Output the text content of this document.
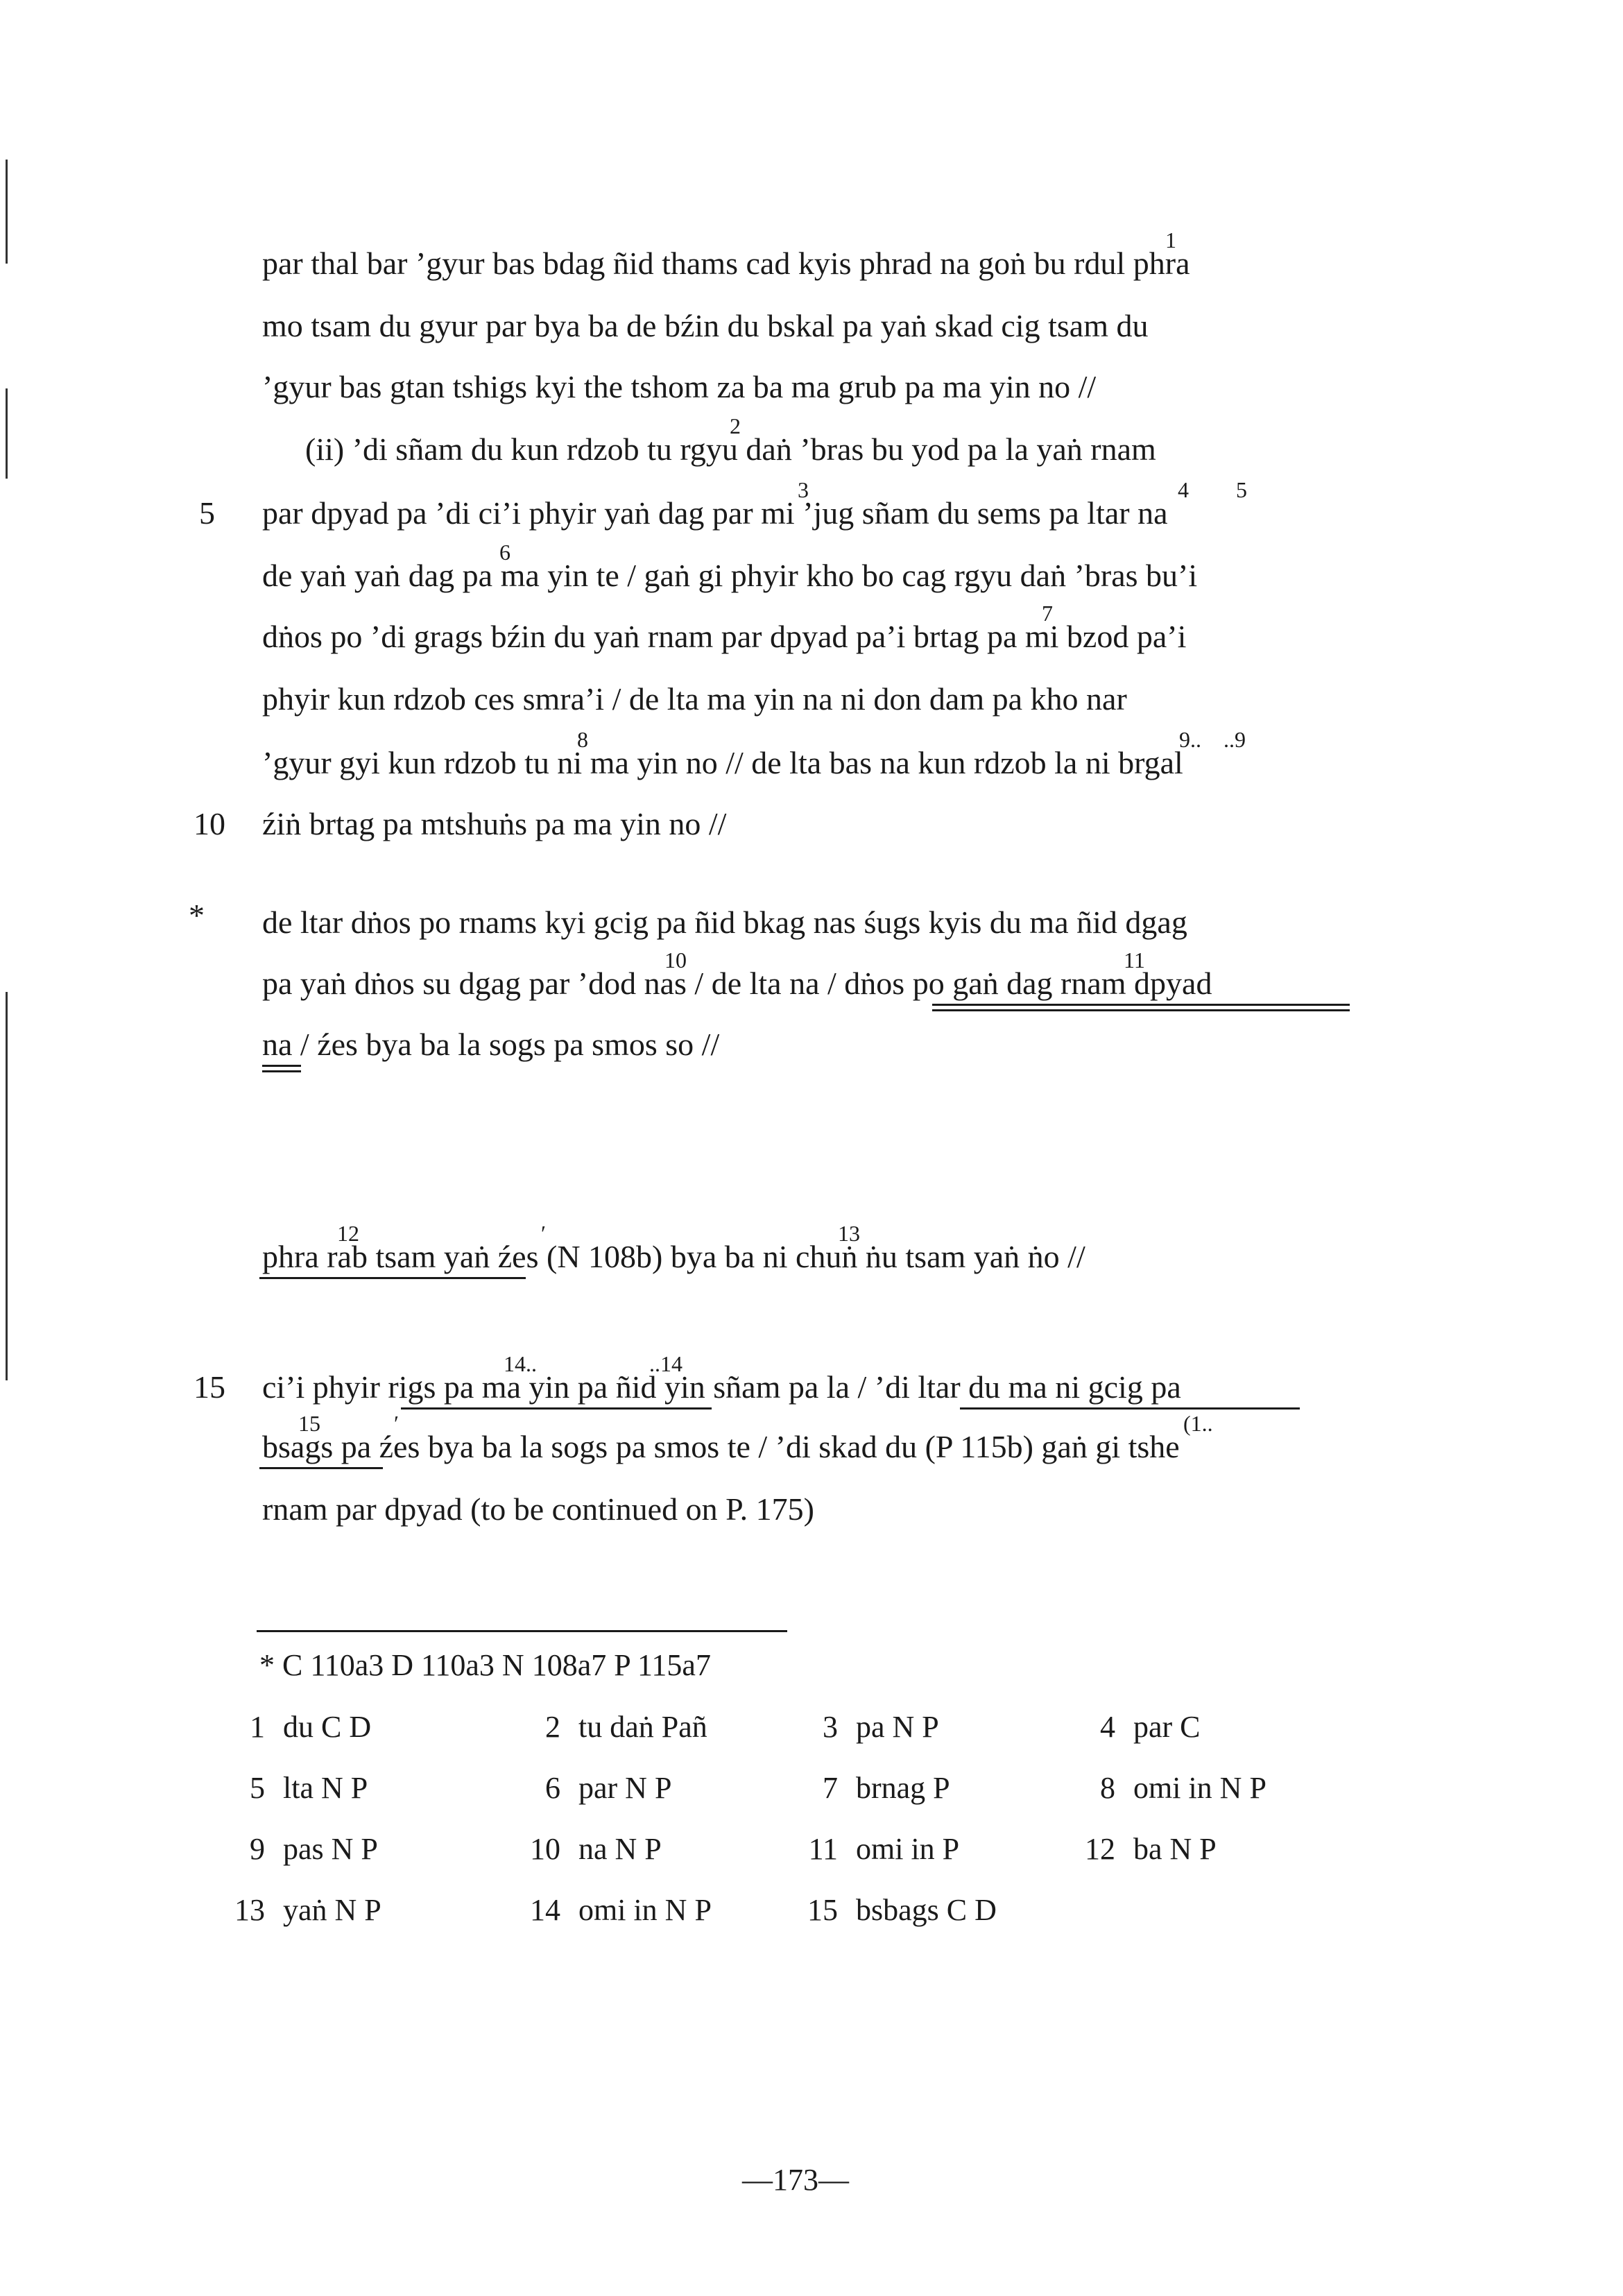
par thal bar ’gyur bas bdag ñid thams cad kyis phrad na goṅ bu rdul phra
mo tsam du gyur par bya ba de bźin du bskal pa yaṅ skad cig tsam du
’gyur bas gtan tshigs kyi the tshom za ba ma grub pa ma yin no //
(ii) ’di sñam du kun rdzob tu rgyu daṅ ’bras bu yod pa la yaṅ rnam
par dpyad pa ’di ci’i phyir yaṅ dag par mi ’jug sñam du sems pa ltar na
de yaṅ yaṅ dag pa ma yin te / gaṅ gi phyir kho bo cag rgyu daṅ ’bras bu’i
dṅos po ’di grags bźin du yaṅ rnam par dpyad pa’i brtag pa mi bzod pa’i
phyir kun rdzob ces smra’i / de lta ma yin na ni don dam pa kho nar
’gyur gyi kun rdzob tu ni ma yin no // de lta bas na kun rdzob la ni brgal
źiṅ brtag pa mtshuṅs pa ma yin no //
de ltar dṅos po rnams kyi gcig pa ñid bkag nas śugs kyis du ma ñid dgag
pa yaṅ dṅos su dgag par ’dod nas / de lta na / dṅos po gaṅ dag rnam dpyad
na / źes bya ba la sogs pa smos so //
phra rab tsam yaṅ źes (N 108b) bya ba ni chuṅ ṅu tsam yaṅ ṅo //
ci’i phyir rigs pa ma yin pa ñid yin sñam pa la / ’di ltar du ma ni gcig pa
bsags pa źes bya ba la sogs pa smos te / ’di skad du (P 115b) gaṅ gi tshe
rnam par dpyad (to be continued on P. 175)
5
10
15
*
1
2
3	4 5
6
7
8	9.. ..9
10	11
12	13
14..	..14
15	(1..
ʹ
ʹ
* C 110a3 D 110a3 N 108a7 P 115a7
1 du C D	2 tu daṅ Pañ	3 pa N P	4 par C
5 lta N P	6 par N P	7 brnag P	8 omi in N P
9 pas N P	10 na N P	11 omi in P	12 ba N P
13 yaṅ N P	14 omi in N P	15 bsbags C D
—173—
